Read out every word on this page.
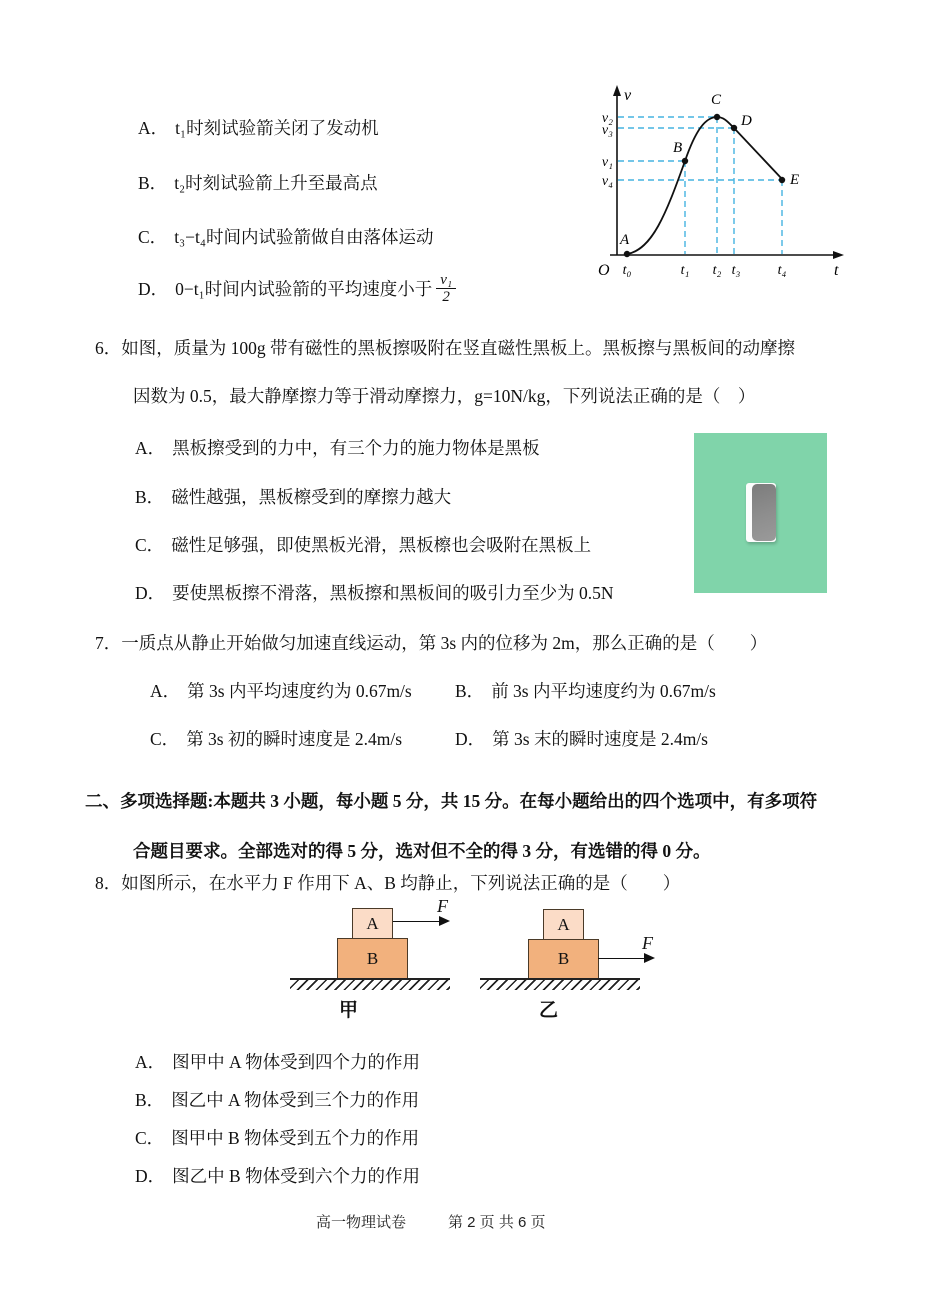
A． t₁时刻试验箭关闭了发动机
B． t₂时刻试验箭上升至最高点
C． t₃−t₄时间内试验箭做自由落体运动
D． 0−t₁时间内试验箭的平均速度小于 $\frac{\text{v₁}}{2}$
v
t
O
v₂
v₃
v₁
v₄
t₀	t₁ t₂ t₃	t₄
A
B
C
D
E
6．如图，质量为 100g 带有磁性的黑板擦吸附在竖直磁性黑板上。黑板擦与黑板间的动摩擦
因数为 0.5，最大静摩擦力等于滑动摩擦力，g=10N/kg，下列说法正确的是（　）
A． 黑板擦受到的力中，有三个力的施力物体是黑板
B． 磁性越强，黑板檫受到的摩擦力越大
C． 磁性足够强，即使黑板光滑，黑板檫也会吸附在黑板上
D． 要使黑板擦不滑落，黑板擦和黑板间的吸引力至少为 0.5N
7．一质点从静止开始做匀加速直线运动，第 3s 内的位移为 2m，那么正确的是（　　）
A． 第 3s 内平均速度约为 0.67m/s B． 前 3s 内平均速度约为 0.67m/s
C． 第 3s 初的瞬时速度是 2.4m/s	D． 第 3s 末的瞬时速度是 2.4m/s
二、多项选择题:本题共 3 小题，每小题 5 分，共 15 分。在每小题给出的四个选项中，有多项符
合题目要求。全部选对的得 5 分，选对但不全的得 3 分，有选错的得 0 分。
8．如图所示，在水平力 F 作用下 A、B 均静止，下列说法正确的是（　　）
A
B
F
甲
A
B
F
乙
A． 图甲中 A 物体受到四个力的作用
B． 图乙中 A 物体受到三个力的作用
C． 图甲中 B 物体受到五个力的作用
D． 图乙中 B 物体受到六个力的作用
高一物理试卷	第 2 页 共 6 页
